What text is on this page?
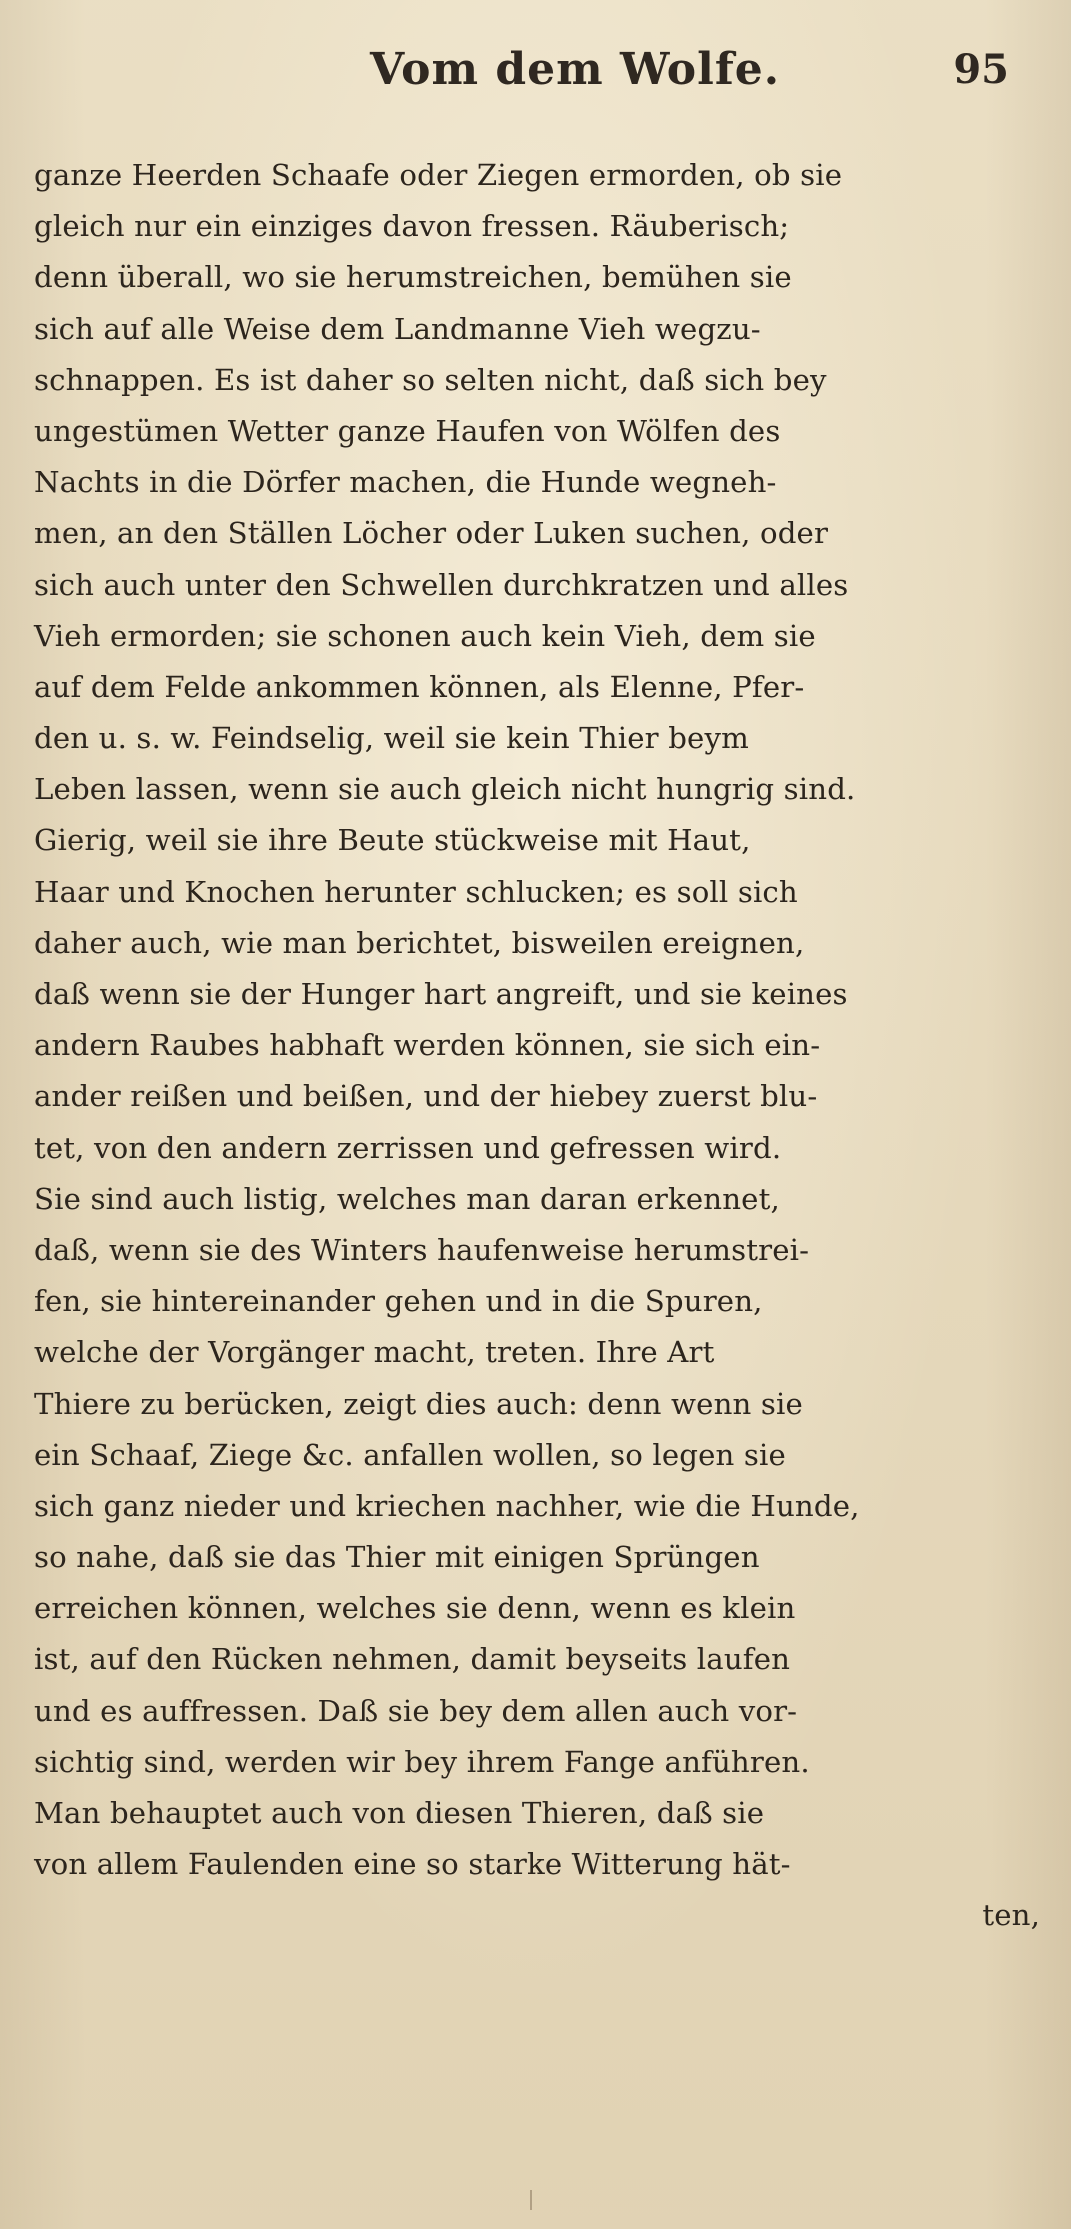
Vom dem Wolfe.	95
ganze Heerden Schaafe oder Ziegen ermorden, ob sie
gleich nur ein einziges davon fressen. Räuberisch;
denn überall, wo sie herumstreichen, bemühen sie
sich auf alle Weise dem Landmanne Vieh wegzu-
schnappen. Es ist daher so selten nicht, daß sich bey
ungestümen Wetter ganze Haufen von Wölfen des
Nachts in die Dörfer machen, die Hunde wegneh-
men, an den Ställen Löcher oder Luken suchen, oder
sich auch unter den Schwellen durchkratzen und alles
Vieh ermorden; sie schonen auch kein Vieh, dem sie
auf dem Felde ankommen können, als Elenne, Pfer-
den u. s. w. Feindselig, weil sie kein Thier beym
Leben lassen, wenn sie auch gleich nicht hungrig sind.
Gierig, weil sie ihre Beute stückweise mit Haut,
Haar und Knochen herunter schlucken; es soll sich
daher auch, wie man berichtet, bisweilen ereignen,
daß wenn sie der Hunger hart angreift, und sie keines
andern Raubes habhaft werden können, sie sich ein-
ander reißen und beißen, und der hiebey zuerst blu-
tet, von den andern zerrissen und gefressen wird.
Sie sind auch listig, welches man daran erkennet,
daß, wenn sie des Winters haufenweise herumstrei-
fen, sie hintereinander gehen und in die Spuren,
welche der Vorgänger macht, treten. Ihre Art
Thiere zu berücken, zeigt dies auch: denn wenn sie
ein Schaaf, Ziege &c. anfallen wollen, so legen sie
sich ganz nieder und kriechen nachher, wie die Hunde,
so nahe, daß sie das Thier mit einigen Sprüngen
erreichen können, welches sie denn, wenn es klein
ist, auf den Rücken nehmen, damit beyseits laufen
und es auffressen. Daß sie bey dem allen auch vor-
sichtig sind, werden wir bey ihrem Fange anführen.
Man behauptet auch von diesen Thieren, daß sie
von allem Faulenden eine so starke Witterung hät-
ten,
